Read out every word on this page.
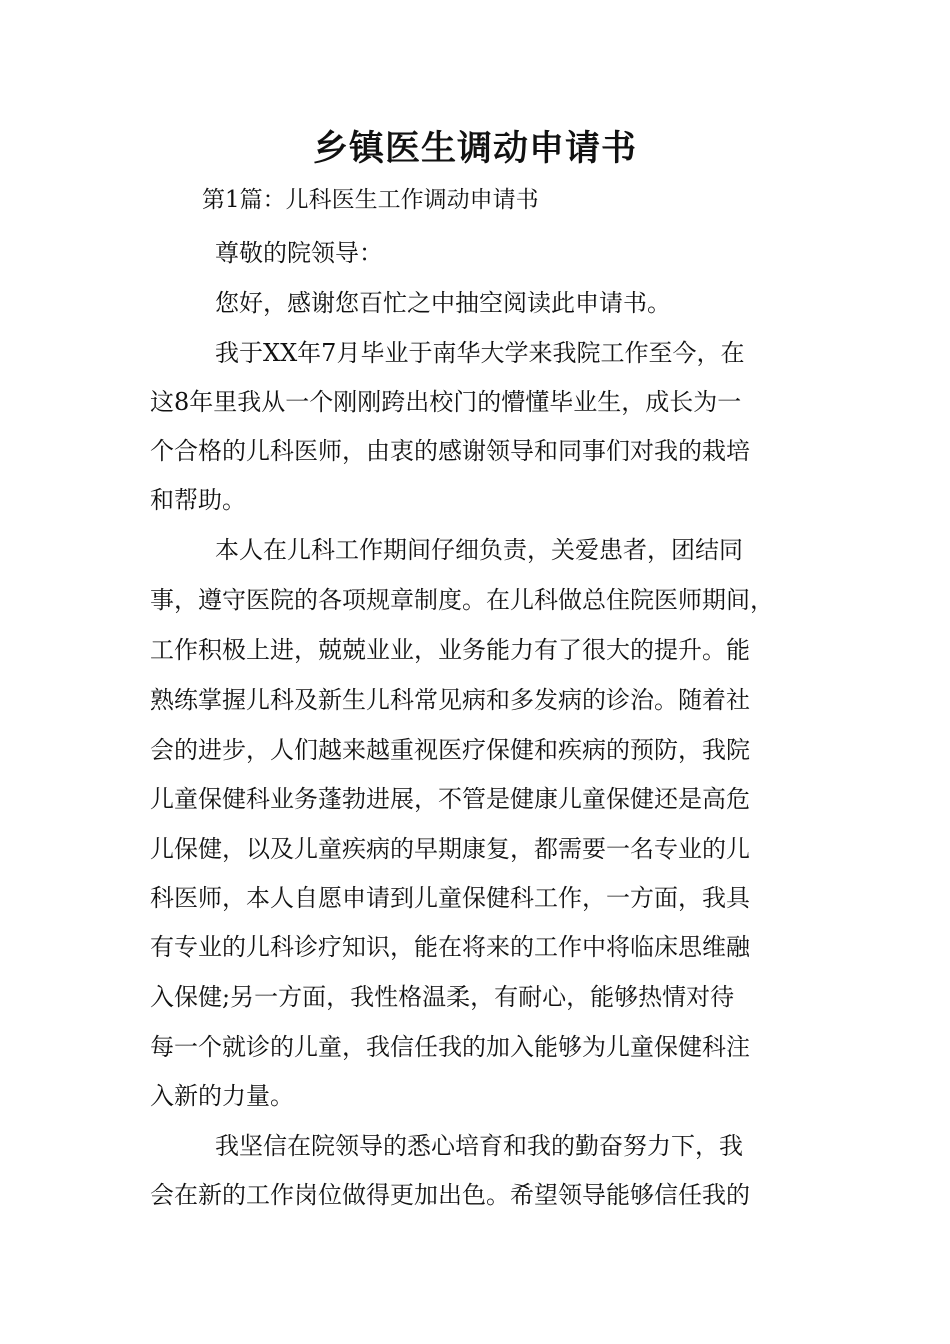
乡镇医生调动申请书

第1篇：儿科医生工作调动申请书

尊敬的院领导：

您好，感谢您百忙之中抽空阅读此申请书。

我于XX年7月毕业于南华大学来我院工作至今，在

这8年里我从一个刚刚跨出校门的懵懂毕业生，成长为一

个合格的儿科医师，由衷的感谢领导和同事们对我的栽培

和帮助。

本人在儿科工作期间仔细负责，关爱患者，团结同

事，遵守医院的各项规章制度。在儿科做总住院医师期间，

工作积极上进，兢兢业业，业务能力有了很大的提升。能

熟练掌握儿科及新生儿科常见病和多发病的诊治。随着社

会的进步，人们越来越重视医疗保健和疾病的预防，我院

儿童保健科业务蓬勃进展，不管是健康儿童保健还是高危

儿保健，以及儿童疾病的早期康复，都需要一名专业的儿

科医师，本人自愿申请到儿童保健科工作，一方面，我具

有专业的儿科诊疗知识，能在将来的工作中将临床思维融

入保健;另一方面，我性格温柔，有耐心，能够热情对待

每一个就诊的儿童，我信任我的加入能够为儿童保健科注

入新的力量。

我坚信在院领导的悉心培育和我的勤奋努力下，我

会在新的工作岗位做得更加出色。希望领导能够信任我的
